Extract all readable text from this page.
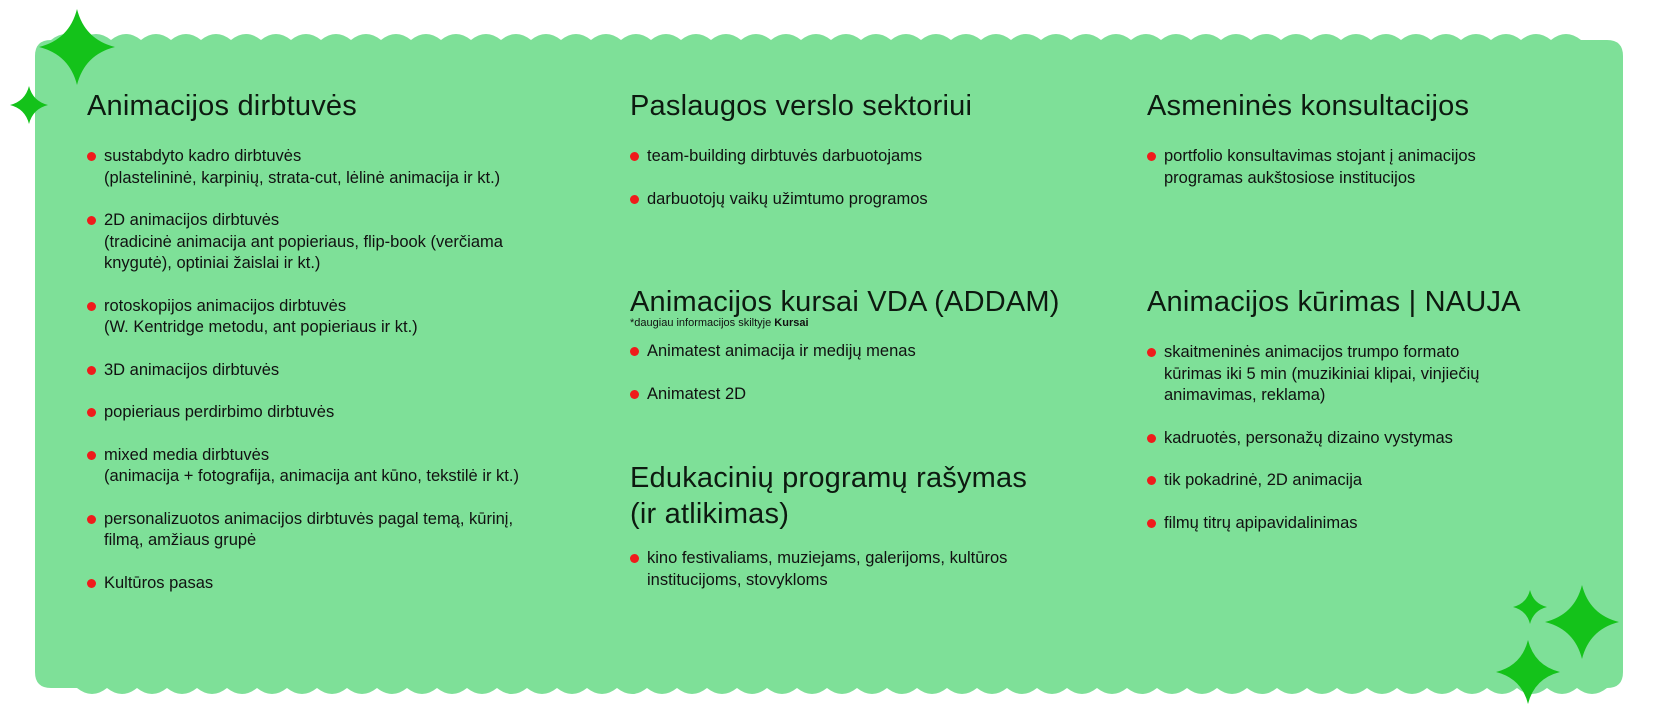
Animacijos dirbtuvės
sustabdyto kadro dirbtuvės
(plastelininė, karpinių, strata-cut, lėlinė animacija ir kt.)
2D animacijos dirbtuvės
(tradicinė animacija ant popieriaus, flip-book (verčiama
knygutė), optiniai žaislai ir kt.)
rotoskopijos animacijos dirbtuvės
(W. Kentridge metodu, ant popieriaus ir kt.)
3D animacijos dirbtuvės
popieriaus perdirbimo dirbtuvės
mixed media dirbtuvės
(animacija + fotografija, animacija ant kūno, tekstilė ir kt.)
personalizuotos animacijos dirbtuvės pagal temą, kūrinį,
filmą, amžiaus grupė
Kultūros pasas
Paslaugos verslo sektoriui
team-building dirbtuvės darbuotojams
darbuotojų vaikų užimtumo programos
Animacijos kursai VDA (ADDAM)

*daugiau informacijos skiltyje Kursai

Animatest animacija ir medijų menas
Animatest 2D
Edukacinių programų rašymas
(ir atlikimas)
kino festivaliams, muziejams, galerijoms, kultūros
institucijoms, stovykloms
Asmeninės konsultacijos
portfolio konsultavimas stojant į animacijos
programas aukštosiose institucijos
Animacijos kūrimas | NAUJA
skaitmeninės animacijos trumpo formato
kūrimas iki 5 min (muzikiniai klipai, vinjiečių
animavimas, reklama)
kadruotės, personažų dizaino vystymas
tik pokadrinė, 2D animacija
filmų titrų apipavidalinimas
